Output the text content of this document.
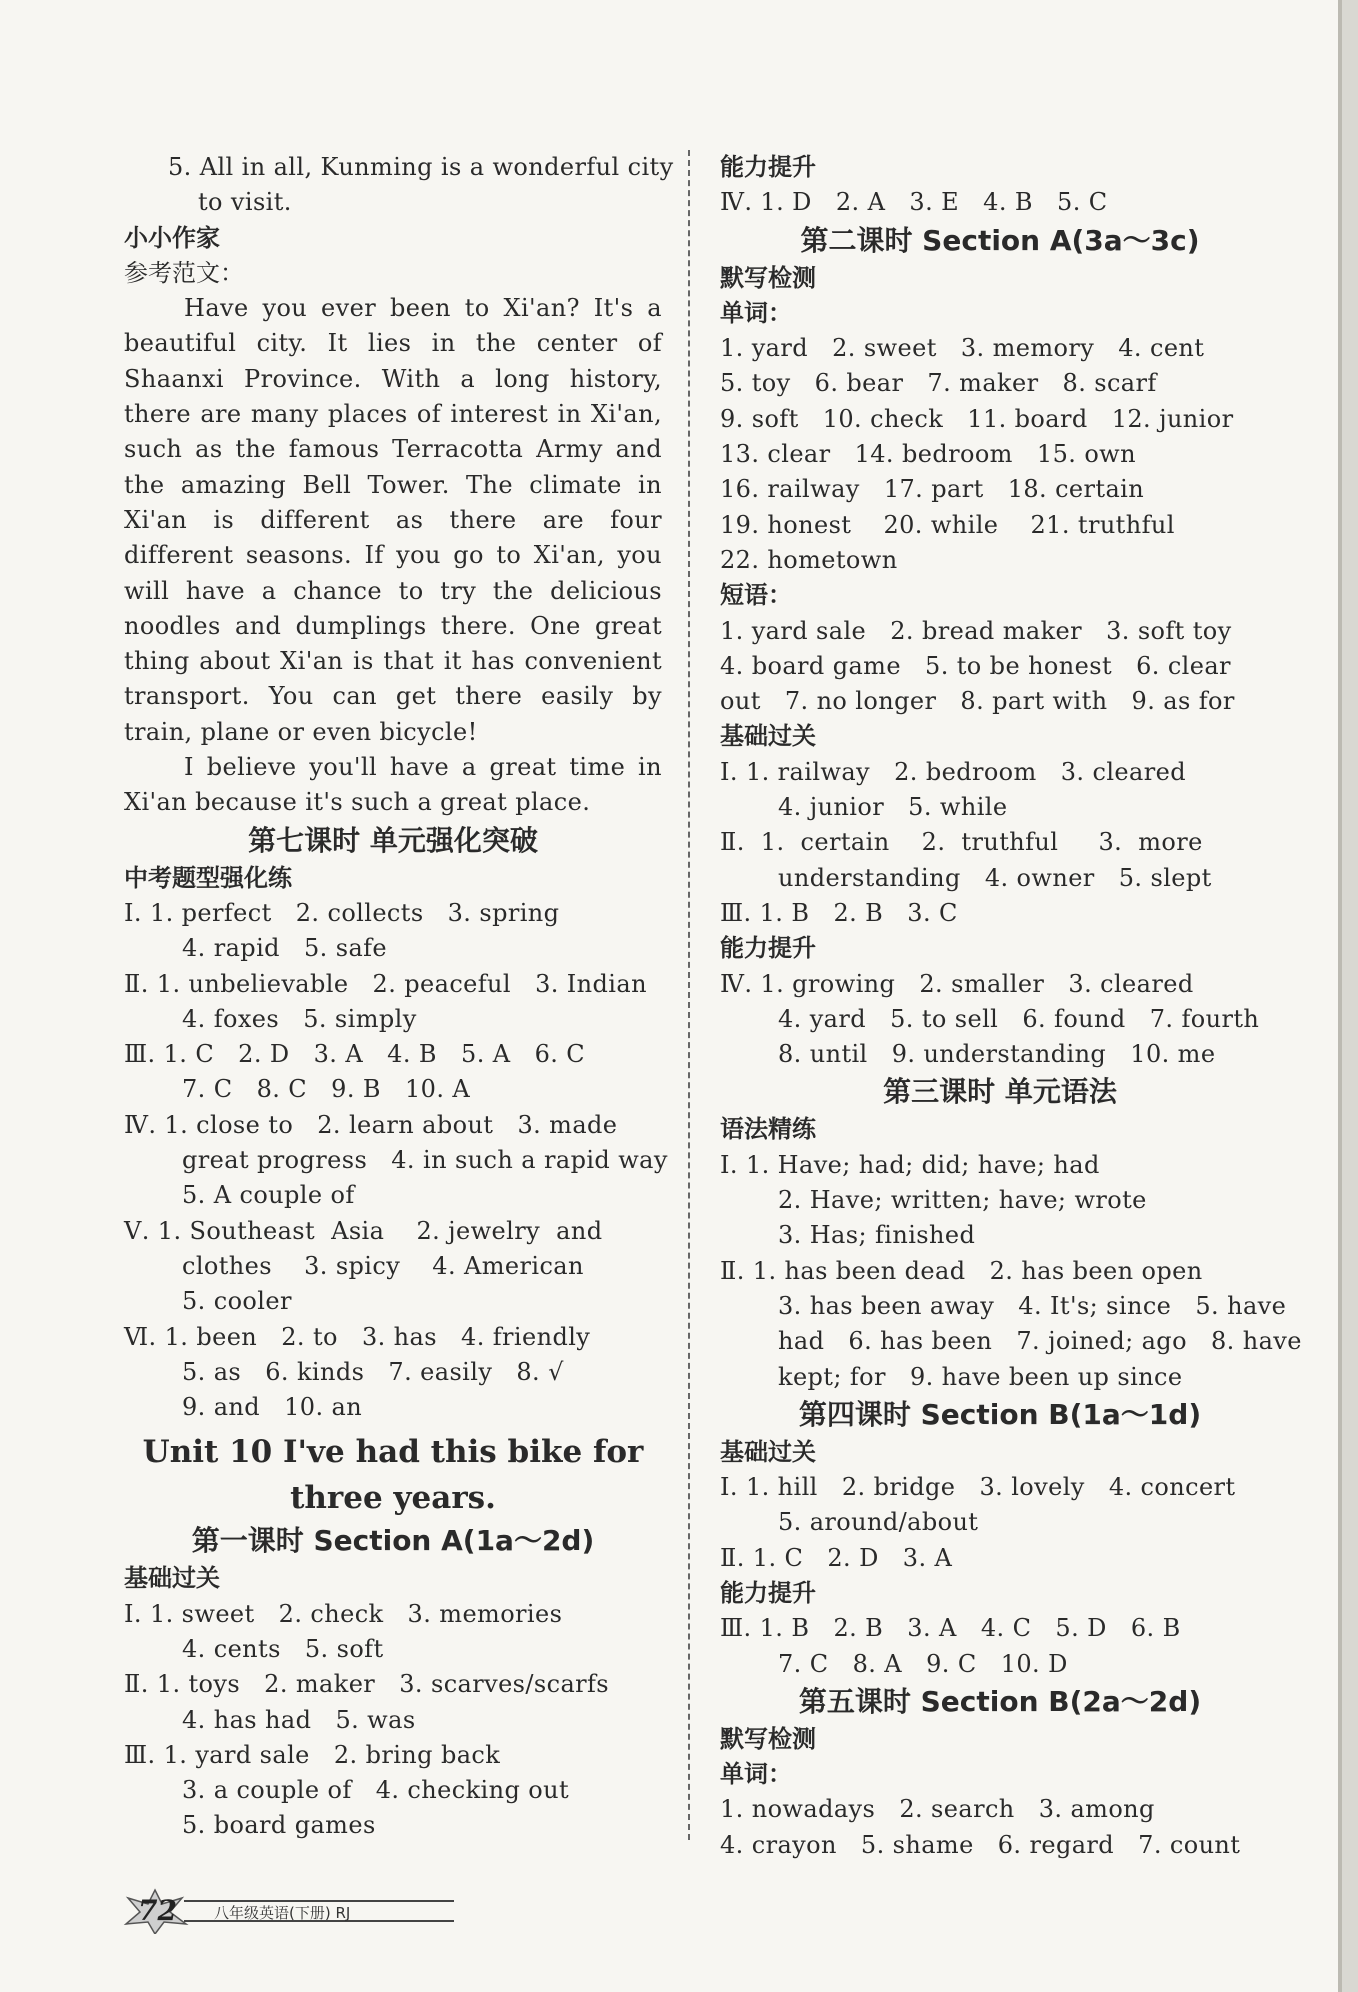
5. All in all, Kunming is a wonderful city
to visit.
小小作家
参考范文：

Have you ever been to Xi'an? It's a beautiful city. It lies in the center of Shaanxi Province. With a long history, there are many places of interest in Xi'an, such as the famous Terracotta Army and the amazing Bell Tower. The climate in Xi'an is different as there are four different seasons. If you go to Xi'an, you will have a chance to try the delicious noodles and dumplings there. One great thing about Xi'an is that it has convenient transport. You can get there easily by train, plane or even bicycle!

I believe you'll have a great time in Xi'an because it's such a great place.

第七课时 单元强化突破
中考题型强化练
Ⅰ. 1. perfect   2. collects   3. spring
4. rapid   5. safe
Ⅱ. 1. unbelievable   2. peaceful   3. Indian
4. foxes   5. simply
Ⅲ. 1. C   2. D   3. A   4. B   5. A   6. C
7. C   8. C   9. B   10. A
Ⅳ. 1. close to   2. learn about   3. made
great progress   4. in such a rapid way
5. A couple of
Ⅴ. 1. Southeast  Asia    2. jewelry  and
clothes    3. spicy    4. American
5. cooler
Ⅵ. 1. been   2. to   3. has   4. friendly
5. as   6. kinds   7. easily   8. √
9. and   10. an
Unit 10 I've had this bike for
three years.
第一课时 Section A(1a～2d)
基础过关
Ⅰ. 1. sweet   2. check   3. memories
4. cents   5. soft
Ⅱ. 1. toys   2. maker   3. scarves/scarfs
4. has had   5. was
Ⅲ. 1. yard sale   2. bring back
3. a couple of   4. checking out
5. board games
能力提升
Ⅳ. 1. D   2. A   3. E   4. B   5. C
第二课时 Section A(3a～3c)
默写检测
单词：
1. yard   2. sweet   3. memory   4. cent
5. toy   6. bear   7. maker   8. scarf
9. soft   10. check   11. board   12. junior
13. clear   14. bedroom   15. own
16. railway   17. part   18. certain
19. honest    20. while    21. truthful
22. hometown
短语：
1. yard sale   2. bread maker   3. soft toy
4. board game   5. to be honest   6. clear
out   7. no longer   8. part with   9. as for
基础过关
Ⅰ. 1. railway   2. bedroom   3. cleared
4. junior   5. while
Ⅱ.  1.  certain    2.  truthful     3.  more
understanding   4. owner   5. slept
Ⅲ. 1. B   2. B   3. C
能力提升
Ⅳ. 1. growing   2. smaller   3. cleared
4. yard   5. to sell   6. found   7. fourth
8. until   9. understanding   10. me
第三课时 单元语法
语法精练
Ⅰ. 1. Have; had; did; have; had
2. Have; written; have; wrote
3. Has; finished
Ⅱ. 1. has been dead   2. has been open
3. has been away   4. It's; since   5. have
had   6. has been   7. joined; ago   8. have
kept; for   9. have been up since
第四课时 Section B(1a～1d)
基础过关
Ⅰ. 1. hill   2. bridge   3. lovely   4. concert
5. around/about
Ⅱ. 1. C   2. D   3. A
能力提升
Ⅲ. 1. B   2. B   3. A   4. C   5. D   6. B
7. C   8. A   9. C   10. D
第五课时 Section B(2a～2d)
默写检测
单词：
1. nowadays   2. search   3. among
4. crayon   5. shame   6. regard   7. count
72	八年级英语(下册) RJ
